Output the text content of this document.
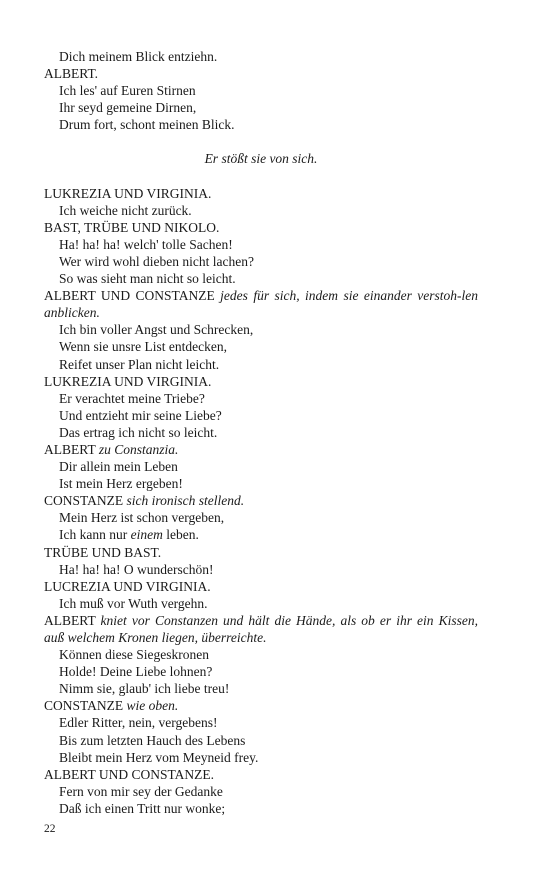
Dich meinem Blick entziehn.
ALBERT.
Ich les' auf Euren Stirnen
Ihr seyd gemeine Dirnen,
Drum fort, schont meinen Blick.
Er stößt sie von sich.
LUKREZIA UND VIRGINIA.
Ich weiche nicht zurück.
BAST, TRÜBE UND NIKOLO.
Ha! ha! ha! welch' tolle Sachen!
Wer wird wohl dieben nicht lachen?
So was sieht man nicht so leicht.
ALBERT UND CONSTANZE jedes für sich, indem sie einander verstoh-len anblicken.
Ich bin voller Angst und Schrecken,
Wenn sie unsre List entdecken,
Reifet unser Plan nicht leicht.
LUKREZIA UND VIRGINIA.
Er verachtet meine Triebe?
Und entzieht mir seine Liebe?
Das ertrag ich nicht so leicht.
ALBERT zu Constanzia.
Dir allein mein Leben
Ist mein Herz ergeben!
CONSTANZE sich ironisch stellend.
Mein Herz ist schon vergeben,
Ich kann nur einem leben.
TRÜBE UND BAST.
Ha! ha! ha! O wunderschön!
LUCREZIA UND VIRGINIA.
Ich muß vor Wuth vergehn.
ALBERT kniet vor Constanzen und hält die Hände, als ob er ihr ein Kissen, auß welchem Kronen liegen, überreichte.
Können diese Siegeskronen
Holde! Deine Liebe lohnen?
Nimm sie, glaub' ich liebe treu!
CONSTANZE wie oben.
Edler Ritter, nein, vergebens!
Bis zum letzten Hauch des Lebens
Bleibt mein Herz vom Meyneid frey.
ALBERT UND CONSTANZE.
Fern von mir sey der Gedanke
Daß ich einen Tritt nur wonke;
22
